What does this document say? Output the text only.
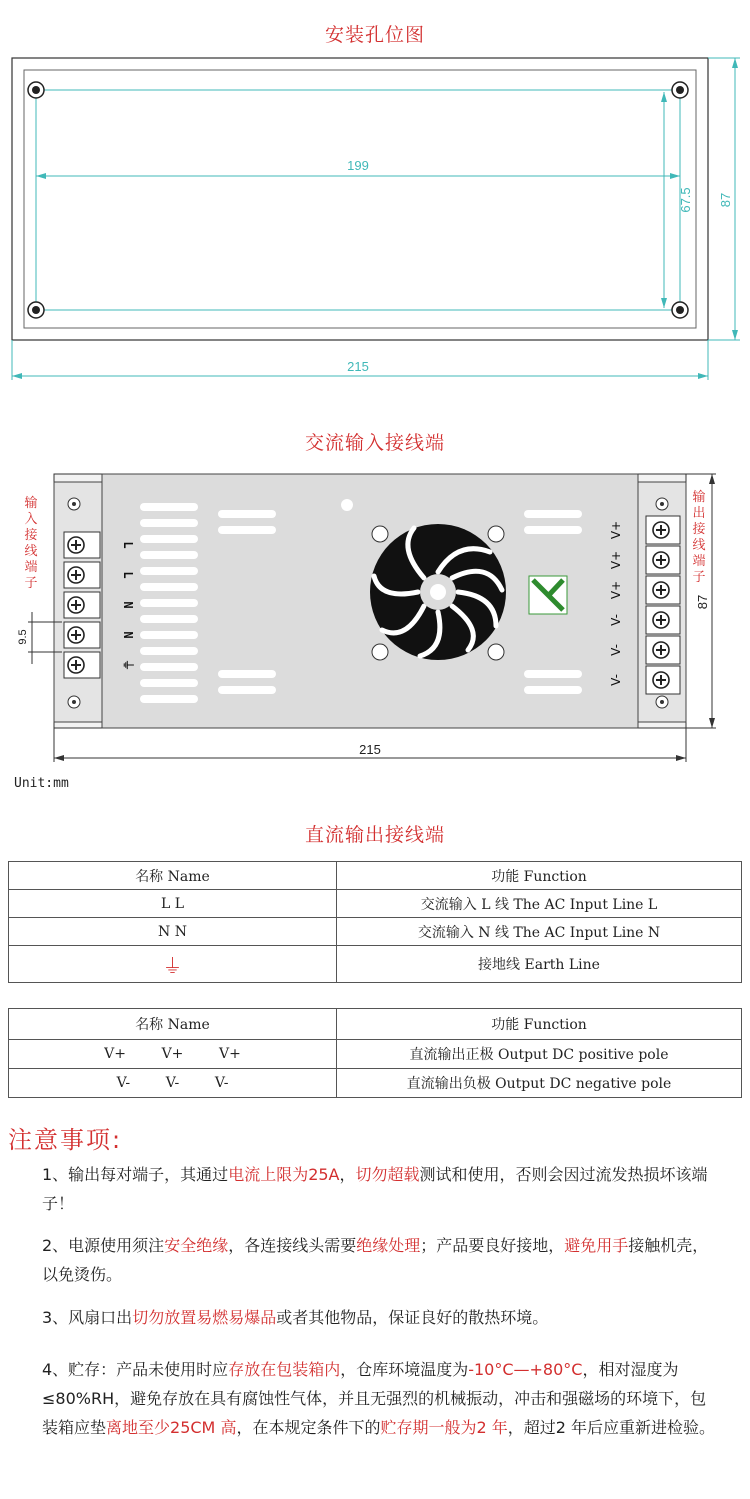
安装孔位图
199
215
67.5 87
交流输入接线端
输入接线端子
输出接线端子
L
L
N
N
⏚
V+
V+
V+
V-
V-
V-
215
87
9.5
Unit:mm
直流输出接线端
名称 Name	功能 Function
L L	交流输入 L 线 The AC Input Line L
N N	交流输入 N 线 The AC Input Line N
⏚	接地线 Earth Line
名称 Name	功能 Function
V+        V+        V+	直流输出正极 Output DC positive pole
V-        V-        V-	直流输出负极 Output DC negative pole
注意事项:
1、输出每对端子，其通过电流上限为25A，切勿超载测试和使用，否则会因过流发热损坏该端子！
2、电源使用须注安全绝缘，各连接线头需要绝缘处理；产品要良好接地，避免用手接触机壳，以免烫伤。
3、风扇口出切勿放置易燃易爆品或者其他物品，保证良好的散热环境。
4、贮存：产品未使用时应存放在包装箱内，仓库环境温度为-10°C—+80°C，相对湿度为≤80%RH，避免存放在具有腐蚀性气体，并且无强烈的机械振动，冲击和强磁场的环境下，包装箱应垫离地至少25CM 高，在本规定条件下的贮存期一般为2 年，超过2 年后应重新进检验。
